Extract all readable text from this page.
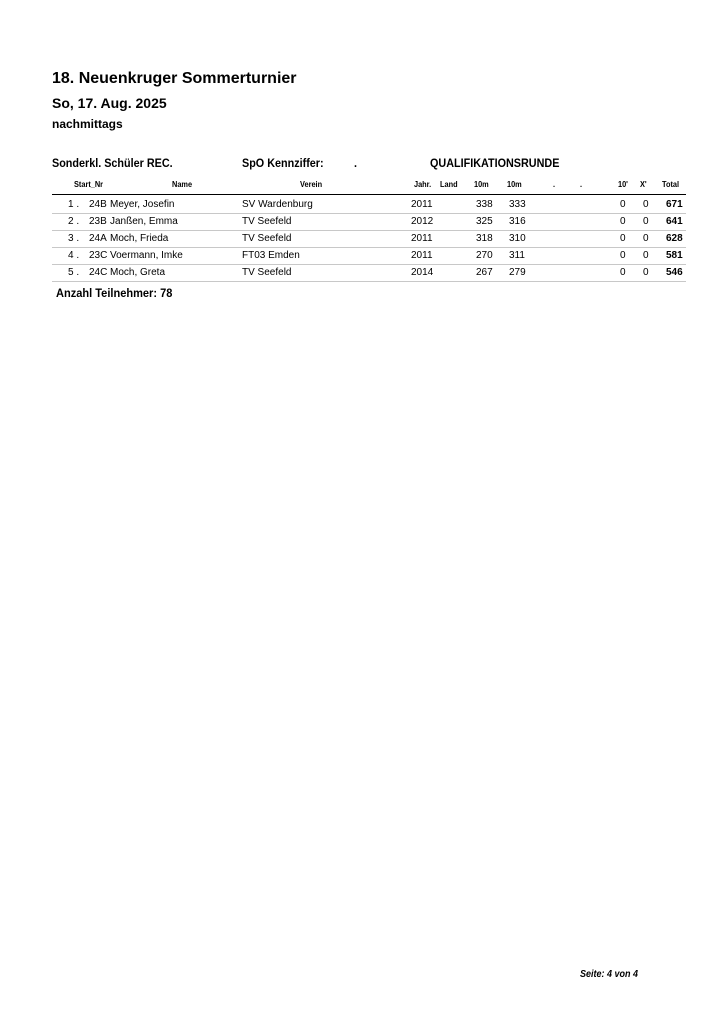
18. Neuenkruger Sommerturnier
So, 17. Aug. 2025
nachmittags
Sonderkl. Schüler REC.	SpO Kennziffer:	.	QUALIFIKATIONSRUNDE
Start_Nr	Name	Verein	Jahr. Land 10m 10m	.	.	10' X' Total
1 . 24B Meyer, Josefin	SV Wardenburg	2011	338 333	0 0 671
2 . 23B Janßen, Emma	TV Seefeld	2012	325 316	0 0 641
3 . 24A Moch, Frieda	TV Seefeld	2011	318 310	0 0 628
4 . 23C Voermann, Imke	FT03 Emden	2011	270 311	0 0 581
5 . 24C Moch, Greta	TV Seefeld	2014	267 279	0 0 546
Anzahl Teilnehmer: 78
Seite: 4 von 4
